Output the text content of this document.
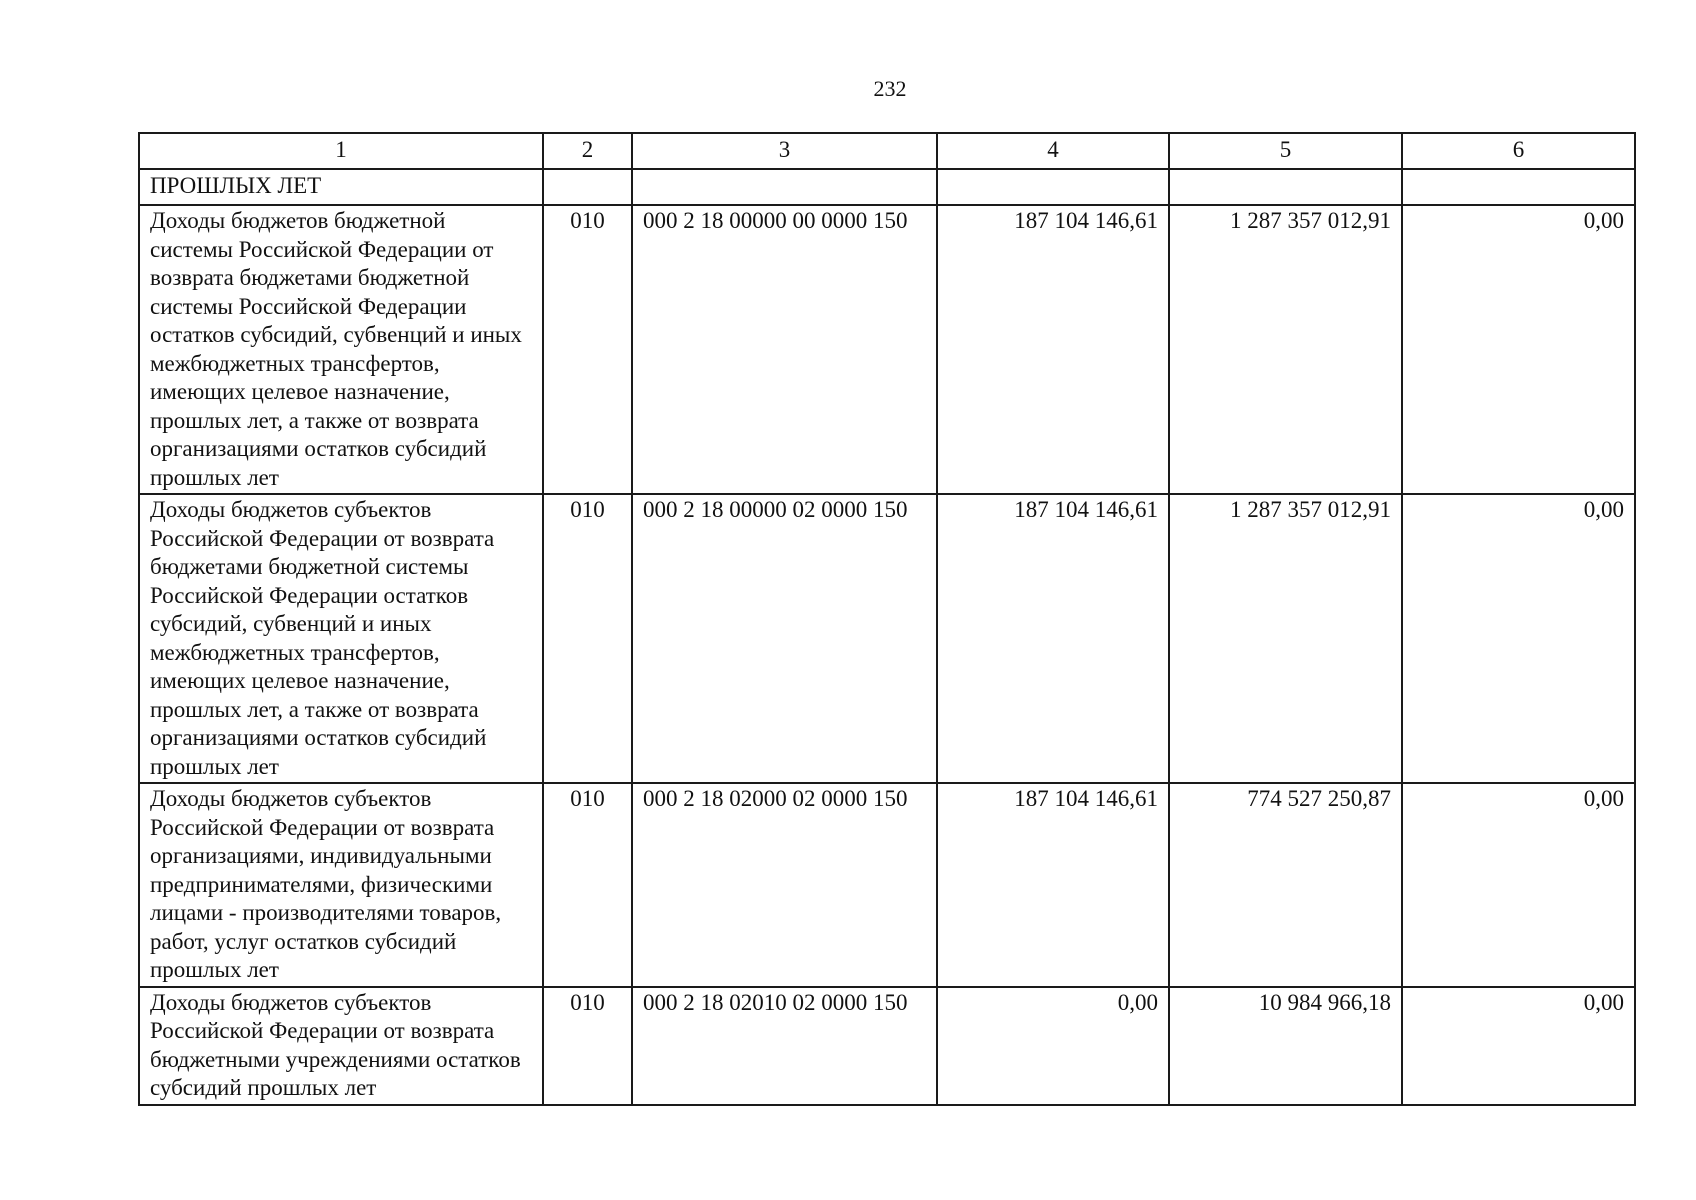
232
1	2	3	4	5	6
ПРОШЛЫХ ЛЕТ					
Доходы бюджетов бюджетной системы Российской Федерации от возврата бюджетами бюджетной системы Российской Федерации остатков субсидий, субвенций и иных межбюджетных трансфертов, имеющих целевое назначение, прошлых лет, а также от возврата организациями остатков субсидий прошлых лет	010	000 2 18 00000 00 0000 150	187 104 146,61	1 287 357 012,91	0,00
Доходы бюджетов субъектов Российской Федерации от возврата бюджетами бюджетной системы Российской Федерации остатков субсидий, субвенций и иных межбюджетных трансфертов, имеющих целевое назначение, прошлых лет, а также от возврата организациями остатков субсидий прошлых лет	010	000 2 18 00000 02 0000 150	187 104 146,61	1 287 357 012,91	0,00
Доходы бюджетов субъектов Российской Федерации от возврата организациями, индивидуальными предпринимателями, физическими лицами - производителями товаров, работ, услуг остатков субсидий прошлых лет	010	000 2 18 02000 02 0000 150	187 104 146,61	774 527 250,87	0,00
Доходы бюджетов субъектов Российской Федерации от возврата бюджетными учреждениями остатков субсидий прошлых лет	010	000 2 18 02010 02 0000 150	0,00	10 984 966,18	0,00
